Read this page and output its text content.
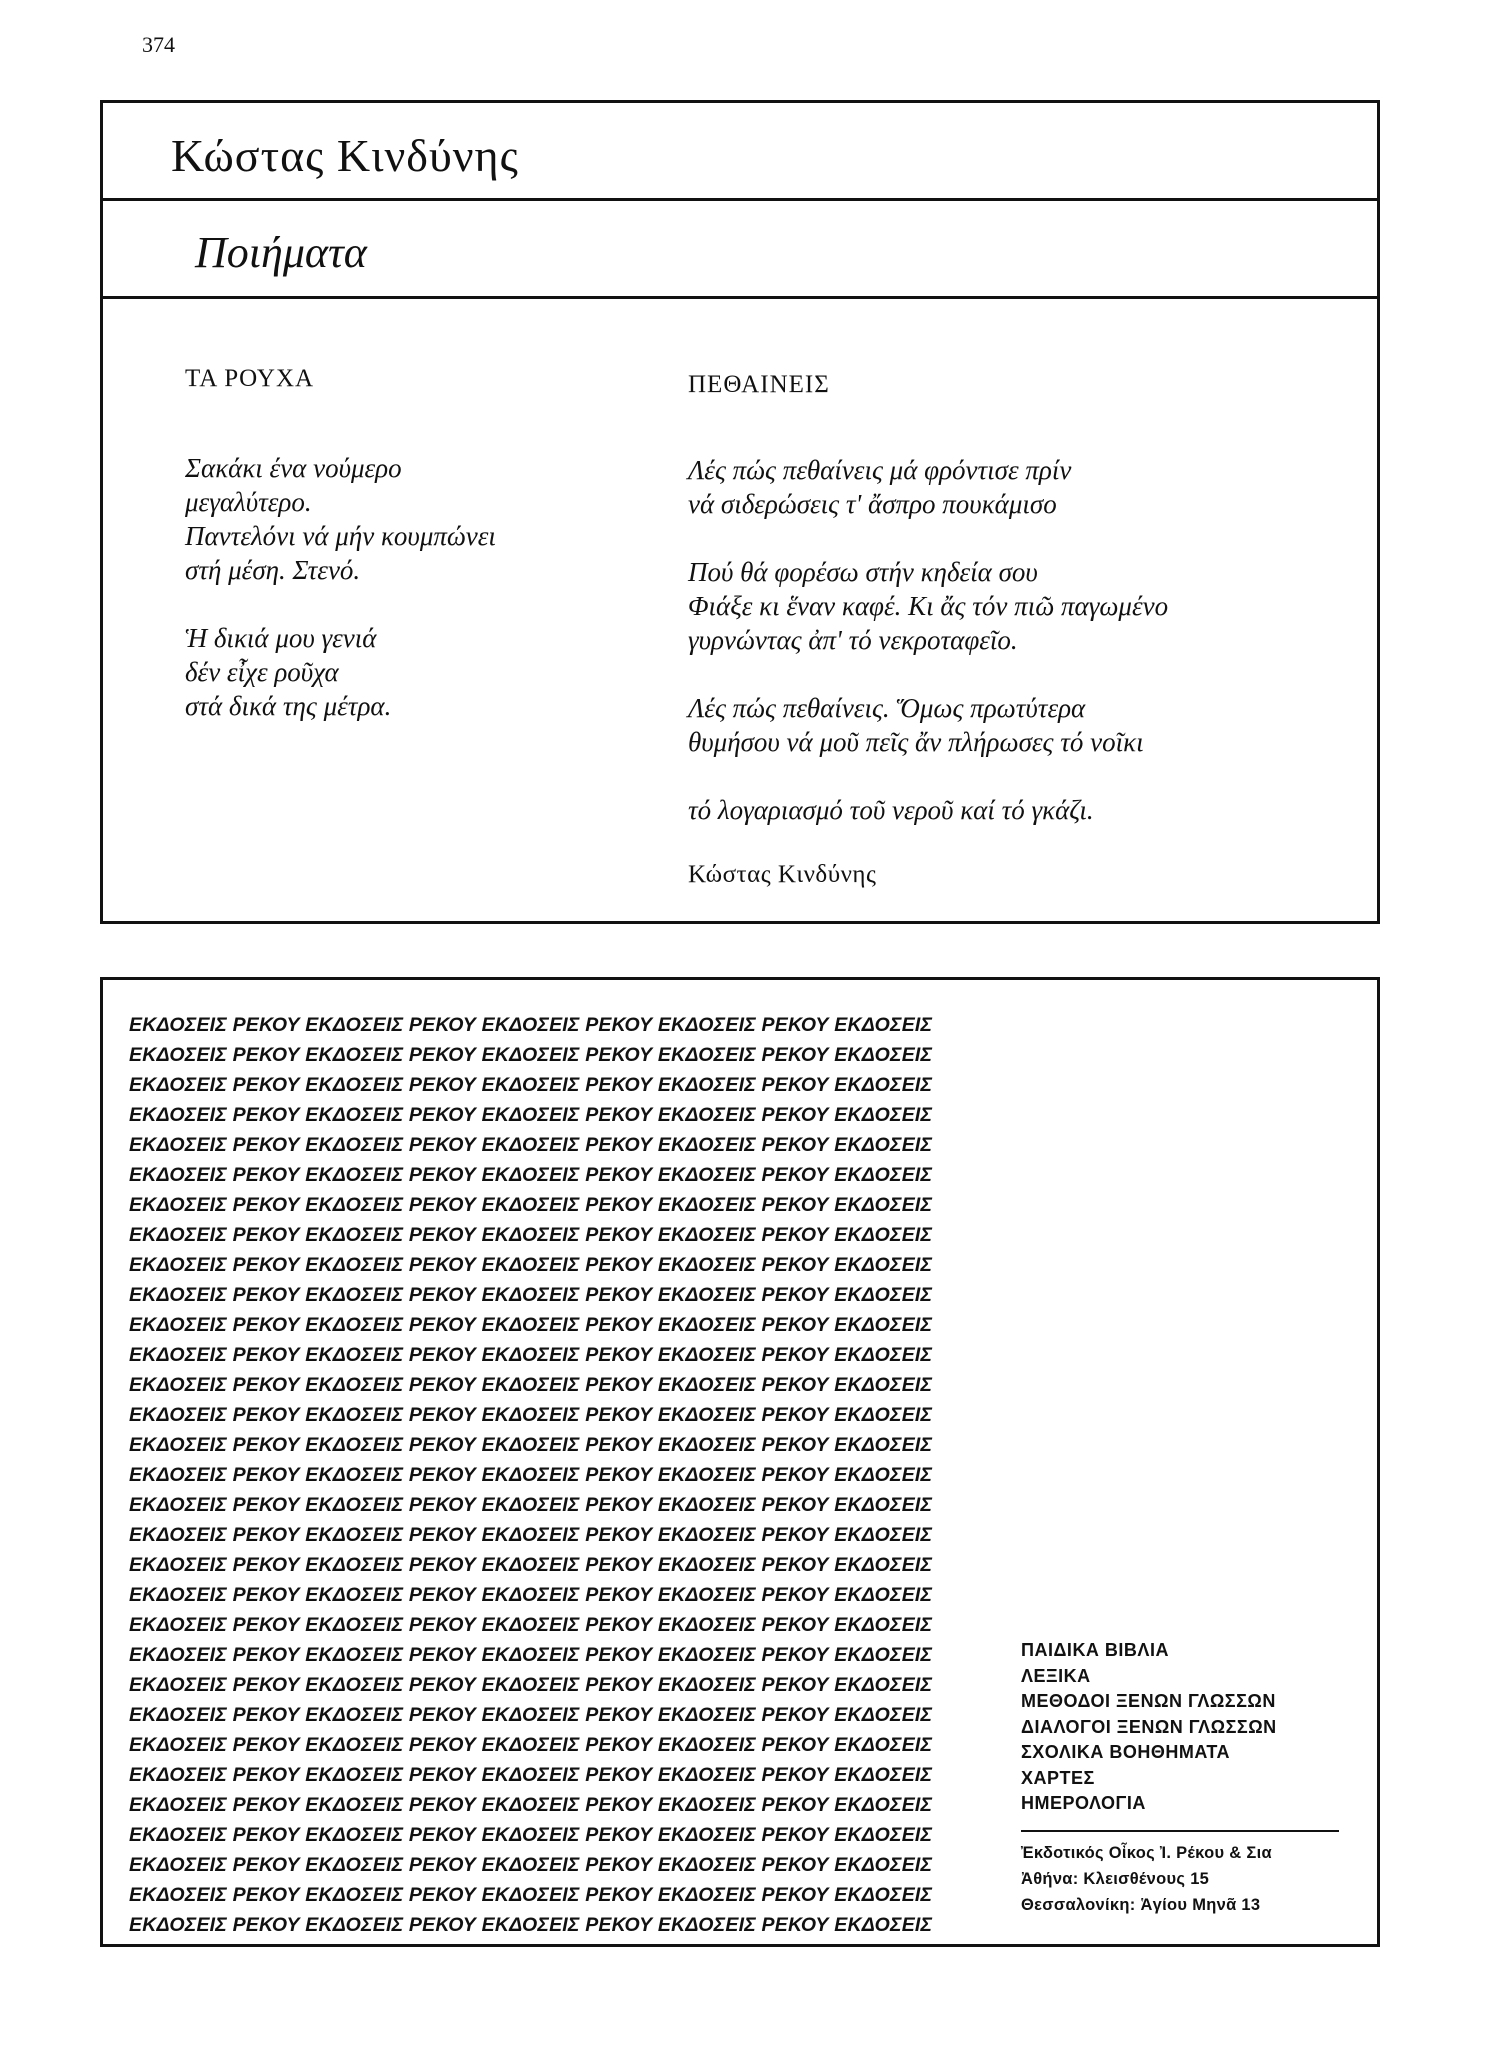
374
Κώστας Κινδύνης
Ποιήματα
ΤΑ ΡΟΥΧΑ
Σακάκι ένα νούμερο
μεγαλύτερο.
Παντελόνι νά μήν κουμπώνει
στή μέση. Στενό.
Ἡ δικιά μου γενιά
δέν εἶχε ροῦχα
στά δικά της μέτρα.
ΠΕΘΑΙΝΕΙΣ
Λές πώς πεθαίνεις μά φρόντισε πρίν
νά σιδερώσεις τ' ἄσπρο πουκάμισο
Πού θά φορέσω στήν κηδεία σου
Φιάξε κι ἕναν καφέ. Κι ἄς τόν πιῶ παγωμένο
γυρνώντας ἀπ' τό νεκροταφεῖο.
Λές πώς πεθαίνεις. Ὅμως πρωτύτερα
θυμήσου νά μοῦ πεῖς ἄν πλήρωσες τό νοῖκι
τό λογαριασμό τοῦ νεροῦ καί τό γκάζι.
Κώστας Κινδύνης
ΕΚΔΟΣΕΙΣ ΡΕΚΟΥ ΕΚΔΟΣΕΙΣ ΡΕΚΟΥ ΕΚΔΟΣΕΙΣ ΡΕΚΟΥ ΕΚΔΟΣΕΙΣ ΡΕΚΟΥ ΕΚΔΟΣΕΙΣ
ΕΚΔΟΣΕΙΣ ΡΕΚΟΥ ΕΚΔΟΣΕΙΣ ΡΕΚΟΥ ΕΚΔΟΣΕΙΣ ΡΕΚΟΥ ΕΚΔΟΣΕΙΣ ΡΕΚΟΥ ΕΚΔΟΣΕΙΣ
ΕΚΔΟΣΕΙΣ ΡΕΚΟΥ ΕΚΔΟΣΕΙΣ ΡΕΚΟΥ ΕΚΔΟΣΕΙΣ ΡΕΚΟΥ ΕΚΔΟΣΕΙΣ ΡΕΚΟΥ ΕΚΔΟΣΕΙΣ
ΕΚΔΟΣΕΙΣ ΡΕΚΟΥ ΕΚΔΟΣΕΙΣ ΡΕΚΟΥ ΕΚΔΟΣΕΙΣ ΡΕΚΟΥ ΕΚΔΟΣΕΙΣ ΡΕΚΟΥ ΕΚΔΟΣΕΙΣ
ΕΚΔΟΣΕΙΣ ΡΕΚΟΥ ΕΚΔΟΣΕΙΣ ΡΕΚΟΥ ΕΚΔΟΣΕΙΣ ΡΕΚΟΥ ΕΚΔΟΣΕΙΣ ΡΕΚΟΥ ΕΚΔΟΣΕΙΣ
ΕΚΔΟΣΕΙΣ ΡΕΚΟΥ ΕΚΔΟΣΕΙΣ ΡΕΚΟΥ ΕΚΔΟΣΕΙΣ ΡΕΚΟΥ ΕΚΔΟΣΕΙΣ ΡΕΚΟΥ ΕΚΔΟΣΕΙΣ
ΕΚΔΟΣΕΙΣ ΡΕΚΟΥ ΕΚΔΟΣΕΙΣ ΡΕΚΟΥ ΕΚΔΟΣΕΙΣ ΡΕΚΟΥ ΕΚΔΟΣΕΙΣ ΡΕΚΟΥ ΕΚΔΟΣΕΙΣ
ΕΚΔΟΣΕΙΣ ΡΕΚΟΥ ΕΚΔΟΣΕΙΣ ΡΕΚΟΥ ΕΚΔΟΣΕΙΣ ΡΕΚΟΥ ΕΚΔΟΣΕΙΣ ΡΕΚΟΥ ΕΚΔΟΣΕΙΣ
ΕΚΔΟΣΕΙΣ ΡΕΚΟΥ ΕΚΔΟΣΕΙΣ ΡΕΚΟΥ ΕΚΔΟΣΕΙΣ ΡΕΚΟΥ ΕΚΔΟΣΕΙΣ ΡΕΚΟΥ ΕΚΔΟΣΕΙΣ
ΕΚΔΟΣΕΙΣ ΡΕΚΟΥ ΕΚΔΟΣΕΙΣ ΡΕΚΟΥ ΕΚΔΟΣΕΙΣ ΡΕΚΟΥ ΕΚΔΟΣΕΙΣ ΡΕΚΟΥ ΕΚΔΟΣΕΙΣ
ΕΚΔΟΣΕΙΣ ΡΕΚΟΥ ΕΚΔΟΣΕΙΣ ΡΕΚΟΥ ΕΚΔΟΣΕΙΣ ΡΕΚΟΥ ΕΚΔΟΣΕΙΣ ΡΕΚΟΥ ΕΚΔΟΣΕΙΣ
ΕΚΔΟΣΕΙΣ ΡΕΚΟΥ ΕΚΔΟΣΕΙΣ ΡΕΚΟΥ ΕΚΔΟΣΕΙΣ ΡΕΚΟΥ ΕΚΔΟΣΕΙΣ ΡΕΚΟΥ ΕΚΔΟΣΕΙΣ
ΕΚΔΟΣΕΙΣ ΡΕΚΟΥ ΕΚΔΟΣΕΙΣ ΡΕΚΟΥ ΕΚΔΟΣΕΙΣ ΡΕΚΟΥ ΕΚΔΟΣΕΙΣ ΡΕΚΟΥ ΕΚΔΟΣΕΙΣ
ΕΚΔΟΣΕΙΣ ΡΕΚΟΥ ΕΚΔΟΣΕΙΣ ΡΕΚΟΥ ΕΚΔΟΣΕΙΣ ΡΕΚΟΥ ΕΚΔΟΣΕΙΣ ΡΕΚΟΥ ΕΚΔΟΣΕΙΣ
ΕΚΔΟΣΕΙΣ ΡΕΚΟΥ ΕΚΔΟΣΕΙΣ ΡΕΚΟΥ ΕΚΔΟΣΕΙΣ ΡΕΚΟΥ ΕΚΔΟΣΕΙΣ ΡΕΚΟΥ ΕΚΔΟΣΕΙΣ
ΕΚΔΟΣΕΙΣ ΡΕΚΟΥ ΕΚΔΟΣΕΙΣ ΡΕΚΟΥ ΕΚΔΟΣΕΙΣ ΡΕΚΟΥ ΕΚΔΟΣΕΙΣ ΡΕΚΟΥ ΕΚΔΟΣΕΙΣ
ΕΚΔΟΣΕΙΣ ΡΕΚΟΥ ΕΚΔΟΣΕΙΣ ΡΕΚΟΥ ΕΚΔΟΣΕΙΣ ΡΕΚΟΥ ΕΚΔΟΣΕΙΣ ΡΕΚΟΥ ΕΚΔΟΣΕΙΣ
ΕΚΔΟΣΕΙΣ ΡΕΚΟΥ ΕΚΔΟΣΕΙΣ ΡΕΚΟΥ ΕΚΔΟΣΕΙΣ ΡΕΚΟΥ ΕΚΔΟΣΕΙΣ ΡΕΚΟΥ ΕΚΔΟΣΕΙΣ
ΕΚΔΟΣΕΙΣ ΡΕΚΟΥ ΕΚΔΟΣΕΙΣ ΡΕΚΟΥ ΕΚΔΟΣΕΙΣ ΡΕΚΟΥ ΕΚΔΟΣΕΙΣ ΡΕΚΟΥ ΕΚΔΟΣΕΙΣ
ΕΚΔΟΣΕΙΣ ΡΕΚΟΥ ΕΚΔΟΣΕΙΣ ΡΕΚΟΥ ΕΚΔΟΣΕΙΣ ΡΕΚΟΥ ΕΚΔΟΣΕΙΣ ΡΕΚΟΥ ΕΚΔΟΣΕΙΣ
ΕΚΔΟΣΕΙΣ ΡΕΚΟΥ ΕΚΔΟΣΕΙΣ ΡΕΚΟΥ ΕΚΔΟΣΕΙΣ ΡΕΚΟΥ ΕΚΔΟΣΕΙΣ ΡΕΚΟΥ ΕΚΔΟΣΕΙΣ
ΕΚΔΟΣΕΙΣ ΡΕΚΟΥ ΕΚΔΟΣΕΙΣ ΡΕΚΟΥ ΕΚΔΟΣΕΙΣ ΡΕΚΟΥ ΕΚΔΟΣΕΙΣ ΡΕΚΟΥ ΕΚΔΟΣΕΙΣ
ΕΚΔΟΣΕΙΣ ΡΕΚΟΥ ΕΚΔΟΣΕΙΣ ΡΕΚΟΥ ΕΚΔΟΣΕΙΣ ΡΕΚΟΥ ΕΚΔΟΣΕΙΣ ΡΕΚΟΥ ΕΚΔΟΣΕΙΣ
ΕΚΔΟΣΕΙΣ ΡΕΚΟΥ ΕΚΔΟΣΕΙΣ ΡΕΚΟΥ ΕΚΔΟΣΕΙΣ ΡΕΚΟΥ ΕΚΔΟΣΕΙΣ ΡΕΚΟΥ ΕΚΔΟΣΕΙΣ
ΕΚΔΟΣΕΙΣ ΡΕΚΟΥ ΕΚΔΟΣΕΙΣ ΡΕΚΟΥ ΕΚΔΟΣΕΙΣ ΡΕΚΟΥ ΕΚΔΟΣΕΙΣ ΡΕΚΟΥ ΕΚΔΟΣΕΙΣ
ΕΚΔΟΣΕΙΣ ΡΕΚΟΥ ΕΚΔΟΣΕΙΣ ΡΕΚΟΥ ΕΚΔΟΣΕΙΣ ΡΕΚΟΥ ΕΚΔΟΣΕΙΣ ΡΕΚΟΥ ΕΚΔΟΣΕΙΣ
ΕΚΔΟΣΕΙΣ ΡΕΚΟΥ ΕΚΔΟΣΕΙΣ ΡΕΚΟΥ ΕΚΔΟΣΕΙΣ ΡΕΚΟΥ ΕΚΔΟΣΕΙΣ ΡΕΚΟΥ ΕΚΔΟΣΕΙΣ
ΕΚΔΟΣΕΙΣ ΡΕΚΟΥ ΕΚΔΟΣΕΙΣ ΡΕΚΟΥ ΕΚΔΟΣΕΙΣ ΡΕΚΟΥ ΕΚΔΟΣΕΙΣ ΡΕΚΟΥ ΕΚΔΟΣΕΙΣ
ΕΚΔΟΣΕΙΣ ΡΕΚΟΥ ΕΚΔΟΣΕΙΣ ΡΕΚΟΥ ΕΚΔΟΣΕΙΣ ΡΕΚΟΥ ΕΚΔΟΣΕΙΣ ΡΕΚΟΥ ΕΚΔΟΣΕΙΣ
ΕΚΔΟΣΕΙΣ ΡΕΚΟΥ ΕΚΔΟΣΕΙΣ ΡΕΚΟΥ ΕΚΔΟΣΕΙΣ ΡΕΚΟΥ ΕΚΔΟΣΕΙΣ ΡΕΚΟΥ ΕΚΔΟΣΕΙΣ
ΕΚΔΟΣΕΙΣ ΡΕΚΟΥ ΕΚΔΟΣΕΙΣ ΡΕΚΟΥ ΕΚΔΟΣΕΙΣ ΡΕΚΟΥ ΕΚΔΟΣΕΙΣ ΡΕΚΟΥ ΕΚΔΟΣΕΙΣ
ΠΑΙΔΙΚΑ ΒΙΒΛΙΑ
ΛΕΞΙΚΑ
ΜΕΘΟΔΟΙ ΞΕΝΩΝ ΓΛΩΣΣΩΝ
ΔΙΑΛΟΓΟΙ ΞΕΝΩΝ ΓΛΩΣΣΩΝ
ΣΧΟΛΙΚΑ ΒΟΗΘΗΜΑΤΑ
ΧΑΡΤΕΣ
ΗΜΕΡΟΛΟΓΙΑ
Ἐκδοτικός Οἶκος Ἰ. Ρέκου & Σια
Ἀθήνα: Κλεισθένους 15
Θεσσαλονίκη: Ἁγίου Μηνᾶ 13
